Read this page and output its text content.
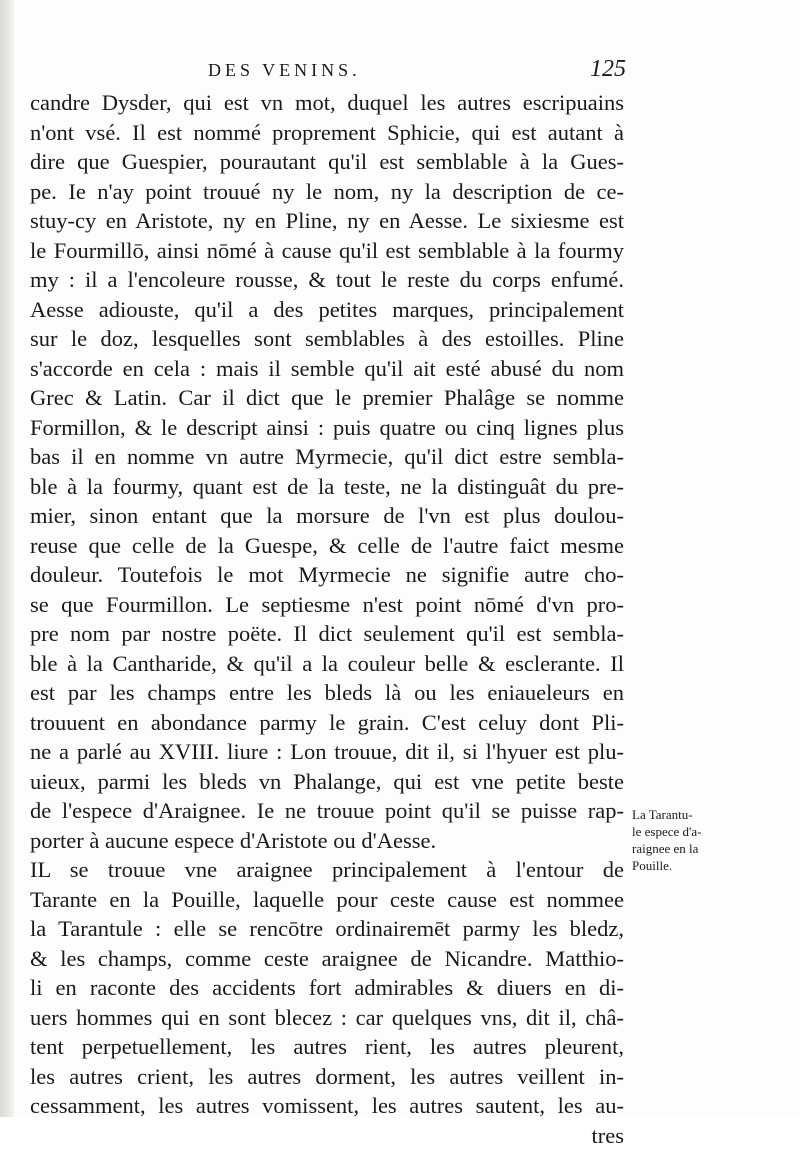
DES VENINS.	125
candre Dysder, qui est vn mot, duquel les autres escripuains
n'ont vsé. Il est nommé proprement Sphicie, qui est autant à
dire que Guespier, pourautant qu'il est semblable à la Gues-
pe. Ie n'ay point trouué ny le nom, ny la description de ce-
stuy-cy en Aristote, ny en Pline, ny en Aesse. Le sixiesme est
le Fourmillō, ainsi nōmé à cause qu'il est semblable à la fourmy
my : il a l'encoleure rousse, & tout le reste du corps enfumé.
Aesse adiouste, qu'il a des petites marques, principalement
sur le doz, lesquelles sont semblables à des estoilles. Pline
s'accorde en cela : mais il semble qu'il ait esté abusé du nom
Grec & Latin. Car il dict que le premier Phalâge se nomme
Formillon, & le descript ainsi : puis quatre ou cinq lignes plus
bas il en nomme vn autre Myrmecie, qu'il dict estre sembla-
ble à la fourmy, quant est de la teste, ne la distinguât du pre-
mier, sinon entant que la morsure de l'vn est plus doulou-
reuse que celle de la Guespe, & celle de l'autre faict mesme
douleur. Toutefois le mot Myrmecie ne signifie autre cho-
se que Fourmillon. Le septiesme n'est point nōmé d'vn pro-
pre nom par nostre poëte. Il dict seulement qu'il est sembla-
ble à la Cantharide, & qu'il a la couleur belle & esclerante. Il
est par les champs entre les bleds là ou les eniaueleurs en
trouuent en abondance parmy le grain. C'est celuy dont Pli-
ne a parlé au XVIII. liure : Lon trouue, dit il, si l'hyuer est plu-
uieux, parmi les bleds vn Phalange, qui est vne petite beste
de l'espece d'Araignee. Ie ne trouue point qu'il se puisse rap-
porter à aucune espece d'Aristote ou d'Aesse.
IL se trouue vne araignee principalement à l'entour de
Tarante en la Pouille, laquelle pour ceste cause est nommee
la Tarantule : elle se rencōtre ordinairemēt parmy les bledz,
& les champs, comme ceste araignee de Nicandre. Matthio-
li en raconte des accidents fort admirables & diuers en di-
uers hommes qui en sont blecez : car quelques vns, dit il, châ-
tent perpetuellement, les autres rient, les autres pleurent,
les autres crient, les autres dorment, les autres veillent in-
cessamment, les autres vomissent, les autres sautent, les au-
tres
La Tarantu-
le espece d'a-
raignee en la
Pouille.
